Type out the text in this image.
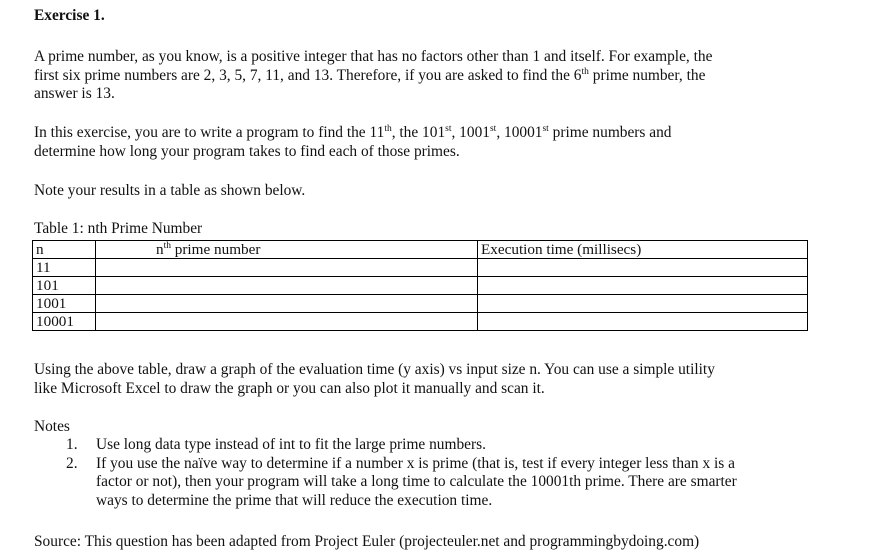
Exercise 1.
A prime number, as you know, is a positive integer that has no factors other than 1 and itself. For example, the
first six prime numbers are 2, 3, 5, 7, 11, and 13. Therefore, if you are asked to find the 6th prime number, the
answer is 13.
In this exercise, you are to write a program to find the 11th, the 101st, 1001st, 10001st prime numbers and
determine how long your program takes to find each of those primes.
Note your results in a table as shown below.
Table 1: nth Prime Number
n	$n^{th}$ prime number	Execution time (millisecs)
11		
101		
1001		
10001		
Using the above table, draw a graph of the evaluation time (y axis) vs input size n. You can use a simple utility
like Microsoft Excel to draw the graph or you can also plot it manually and scan it.
Notes
1. Use long data type instead of int to fit the large prime numbers.
2. If you use the naïve way to determine if a number x is prime (that is, test if every integer less than x is a
factor or not), then your program will take a long time to calculate the 10001th prime. There are smarter
ways to determine the prime that will reduce the execution time.
Source: This question has been adapted from Project Euler (projecteuler.net and programmingbydoing.com)
